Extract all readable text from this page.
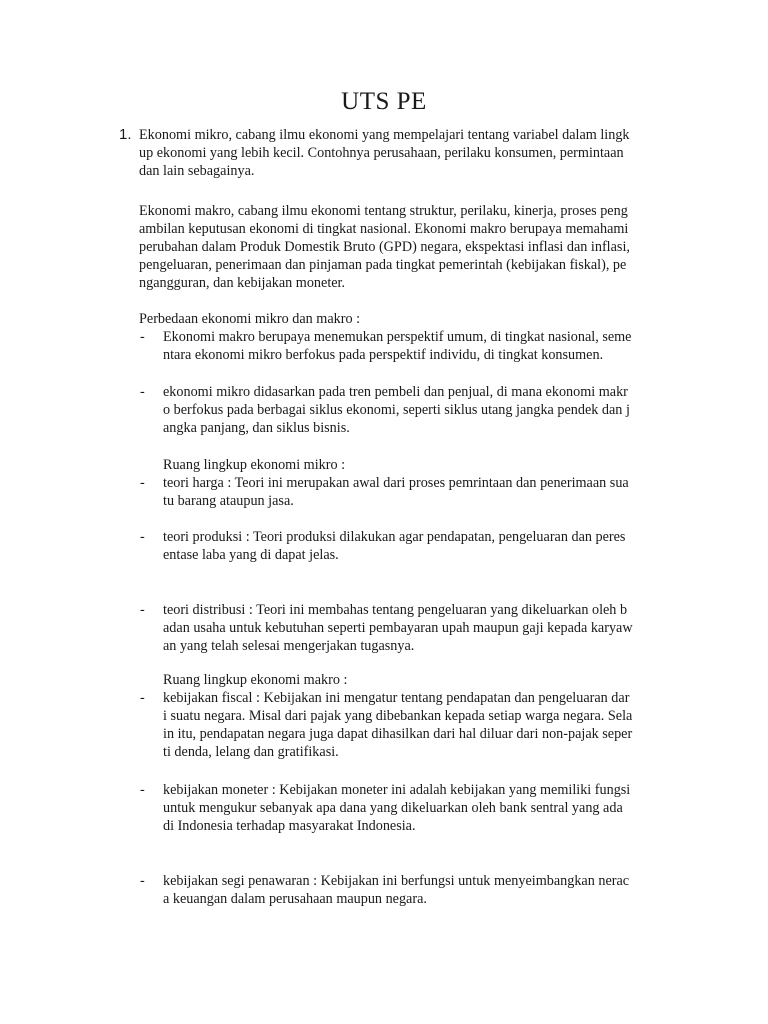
UTS PE
1. Ekonomi mikro, cabang ilmu ekonomi yang mempelajari tentang variabel dalam lingk
up ekonomi yang lebih kecil. Contohnya perusahaan, perilaku konsumen, permintaan
dan lain sebagainya.
Ekonomi makro, cabang ilmu ekonomi tentang struktur, perilaku, kinerja, proses peng
ambilan keputusan ekonomi di tingkat nasional. Ekonomi makro berupaya memahami
perubahan dalam Produk Domestik Bruto (GPD) negara, ekspektasi inflasi dan inflasi,
pengeluaran, penerimaan dan pinjaman pada tingkat pemerintah (kebijakan fiskal), pe
ngangguran, dan kebijakan moneter.
Perbedaan ekonomi mikro dan makro :
- Ekonomi makro berupaya menemukan perspektif umum, di tingkat nasional, seme
ntara ekonomi mikro berfokus pada perspektif individu, di tingkat konsumen.
- ekonomi mikro didasarkan pada tren pembeli dan penjual, di mana ekonomi makr
o berfokus pada berbagai siklus ekonomi, seperti siklus utang jangka pendek dan j
angka panjang, dan siklus bisnis.
Ruang lingkup ekonomi mikro :
- teori harga : Teori ini merupakan awal dari proses pemrintaan dan penerimaan sua
tu barang ataupun jasa.
- teori produksi : Teori produksi dilakukan agar pendapatan, pengeluaran dan peres
entase laba yang di dapat jelas.
- teori distribusi : Teori ini membahas tentang pengeluaran yang dikeluarkan oleh b
adan usaha untuk kebutuhan seperti pembayaran upah maupun gaji kepada karyaw
an yang telah selesai mengerjakan tugasnya.
Ruang lingkup ekonomi makro :
- kebijakan fiscal : Kebijakan ini mengatur tentang pendapatan dan pengeluaran dar
i suatu negara. Misal dari pajak yang dibebankan kepada setiap warga negara. Sela
in itu, pendapatan negara juga dapat dihasilkan dari hal diluar dari non-pajak seper
ti denda, lelang dan gratifikasi.
- kebijakan moneter : Kebijakan moneter ini adalah kebijakan yang memiliki fungsi
untuk mengukur sebanyak apa dana yang dikeluarkan oleh bank sentral yang ada
di Indonesia terhadap masyarakat Indonesia.
- kebijakan segi penawaran : Kebijakan ini berfungsi untuk menyeimbangkan nerac
a keuangan dalam perusahaan maupun negara.
